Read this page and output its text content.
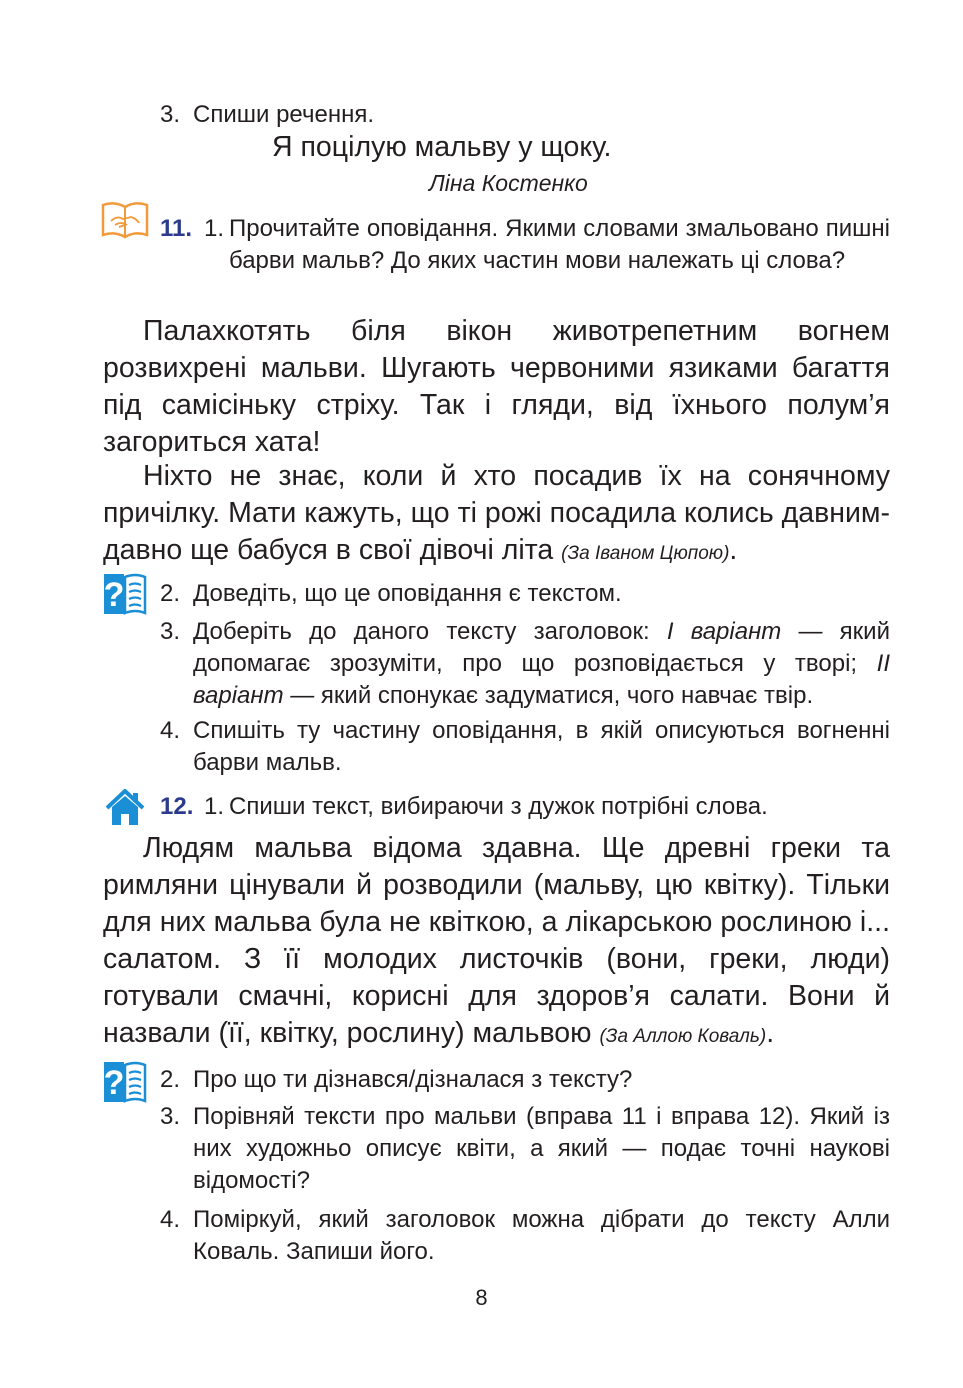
3. Спиши речення.
Я поцілую мальву у щоку.
Ліна Костенко
11. 1. Прочитайте оповідання. Якими словами змальовано пишні барви мальв? До яких частин мови належать ці слова?
Палахкотять біля вікон животрепетним вогнем розвихрені мальви. Шугають червоними язиками багаття під самісіньку стріху. Так і гляди, від їхнього полум’я загориться хата!
Ніхто не знає, коли й хто посадив їх на сонячному причілку. Мати кажуть, що ті рожі посадила колись давним-давно ще бабуся в свої дівочі літа (За Іваном Цюпою).
? 2. Доведіть, що це оповідання є текстом.
3. Доберіть до даного тексту заголовок: I варіант — який допомагає зрозуміти, про що розповідається у творі; II варіант — який спонукає задуматися, чого навчає твір.
4. Спишіть ту частину оповідання, в якій описуються вогненні барви мальв.
12. 1. Спиши текст, вибираючи з дужок потрібні слова.
Людям мальва відома здавна. Ще древні греки та римляни цінували й розводили (мальву, цю квітку). Тільки для них мальва була не квіткою, а лікарською рослиною і... салатом. З її молодих листочків (вони, греки, люди) готували смачні, корисні для здоров’я салати. Вони й назвали (її, квітку, рослину) мальвою (За Аллою Коваль).
? 2. Про що ти дізнався/дізналася з тексту?
3. Порівняй тексти про мальви (вправа 11 і вправа 12). Який із них художньо описує квіти, а який — подає точні наукові відомості?
4. Поміркуй, який заголовок можна дібрати до тексту Алли Коваль. Запиши його.
8
